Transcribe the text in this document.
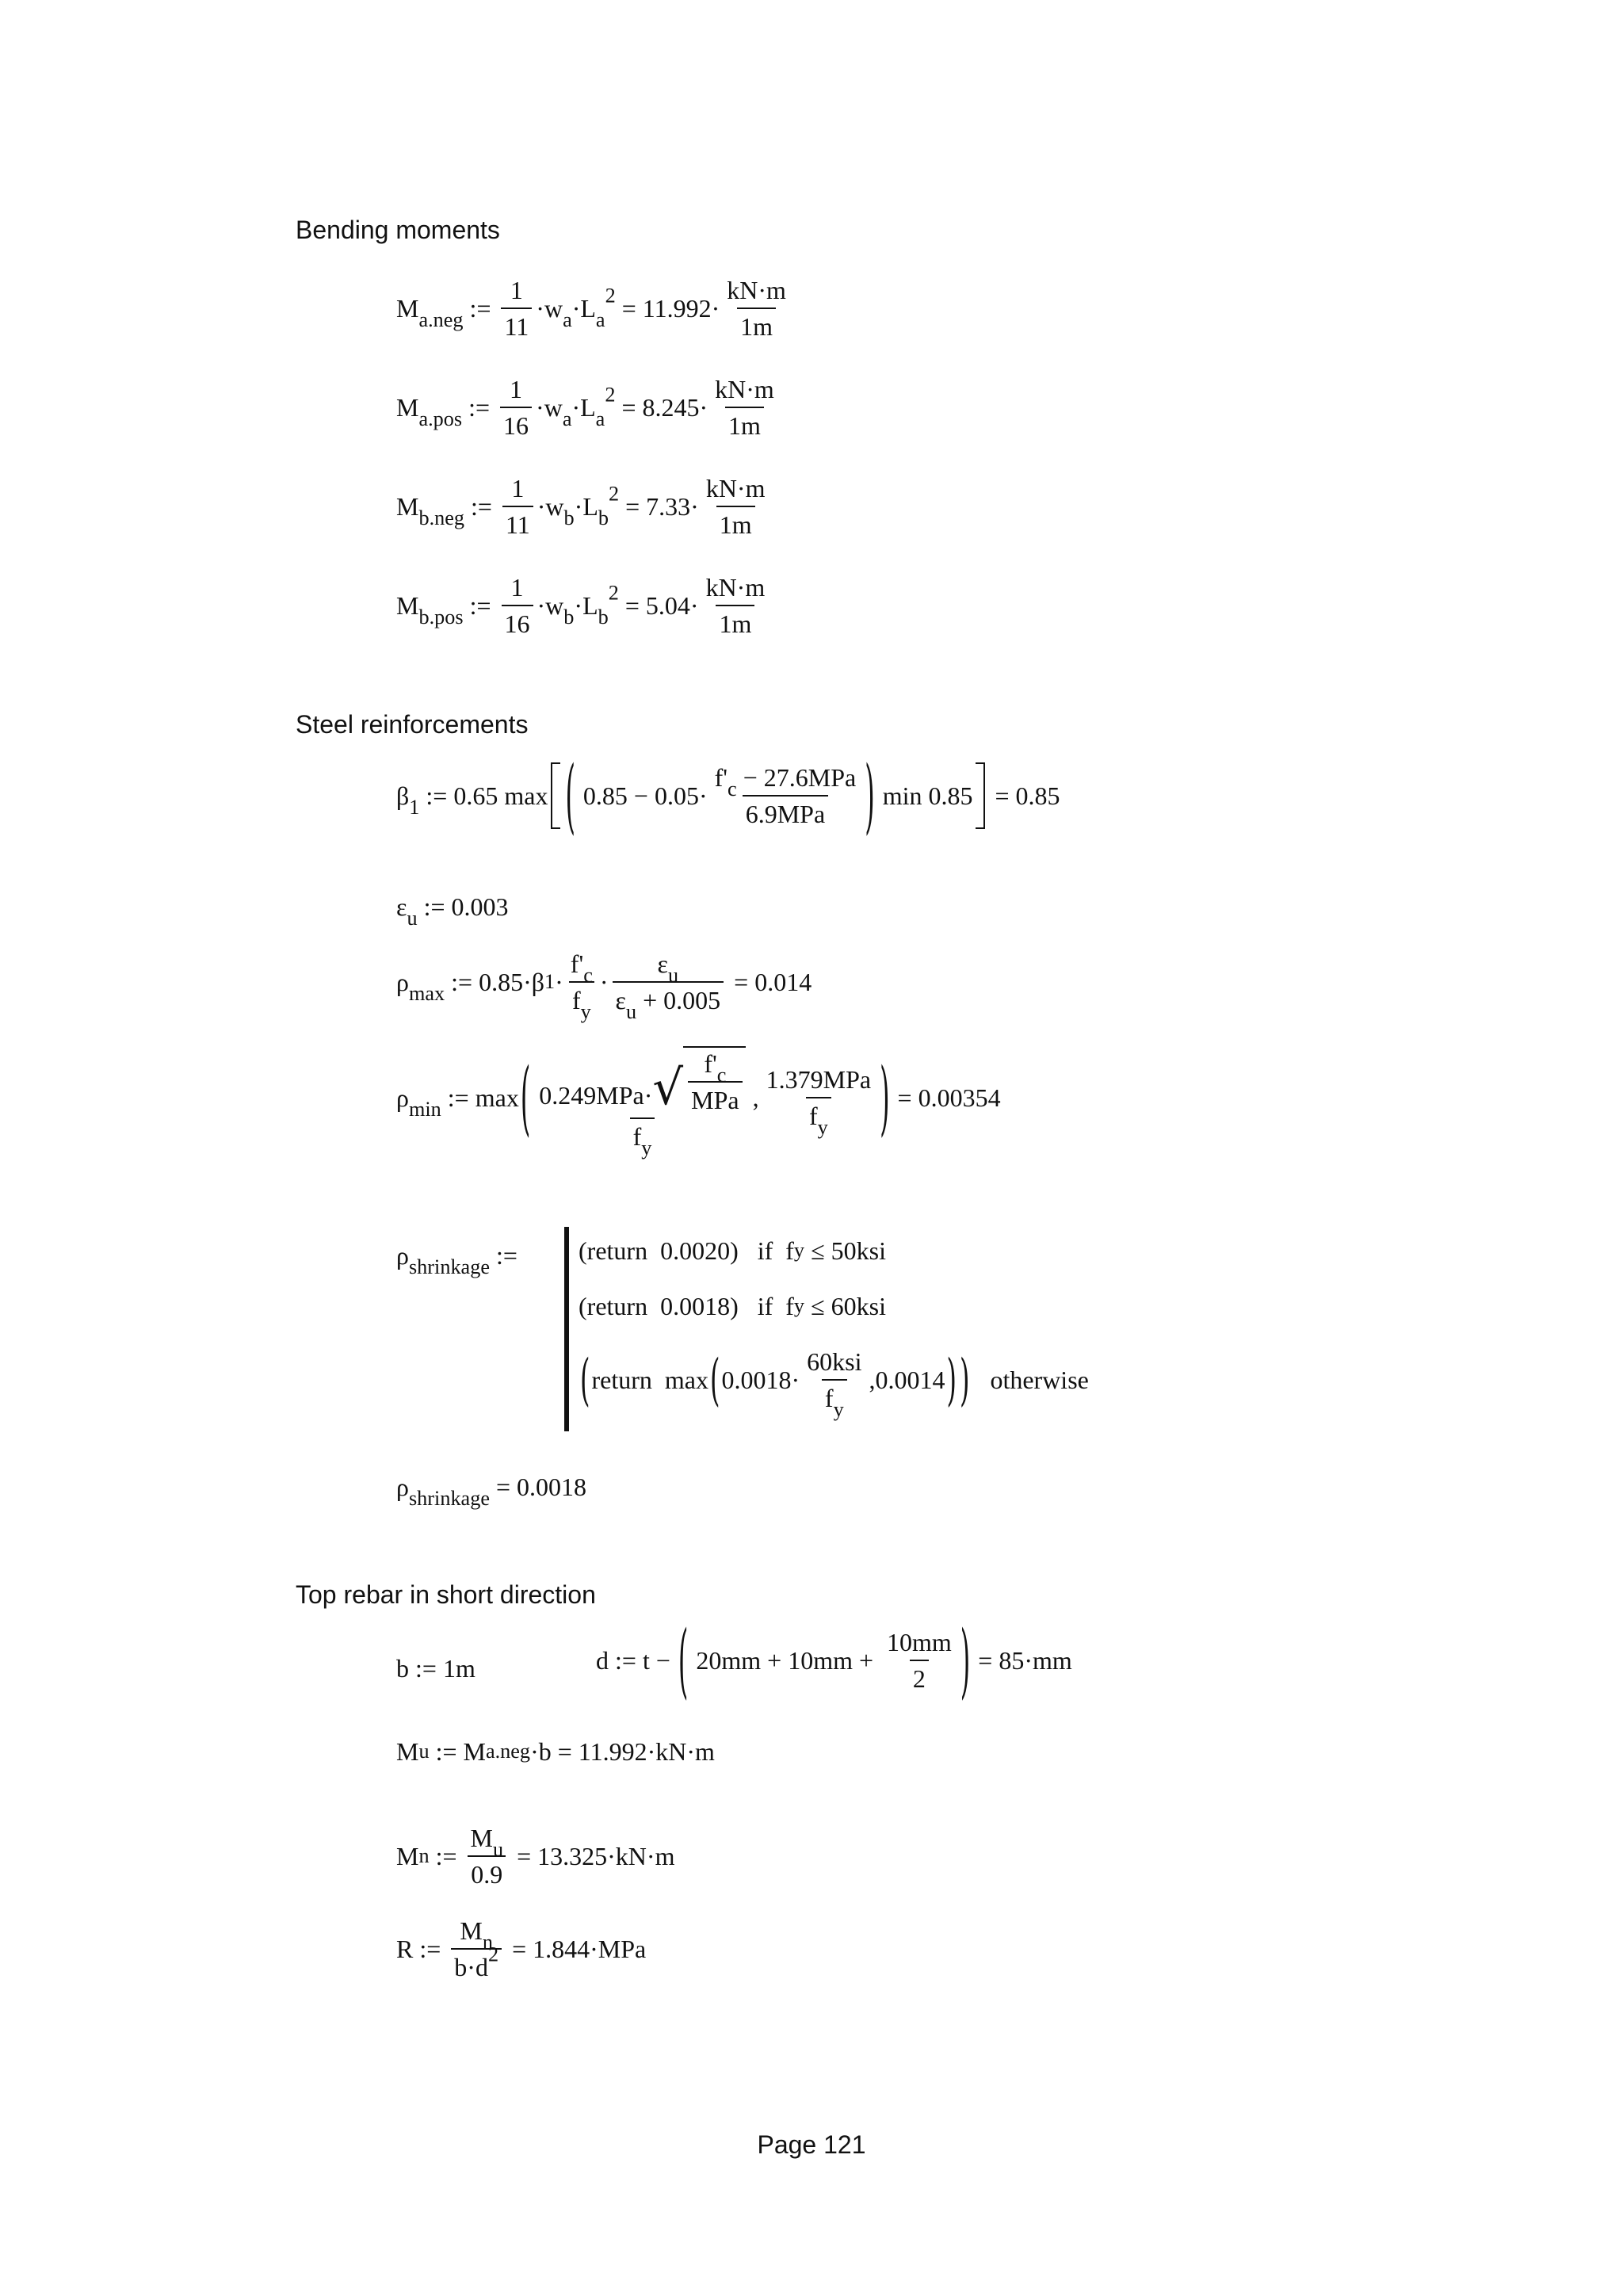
Bending moments
$M_{a.neg}$ := $\frac{1}{11} \cdot w_a\cdot L_a^2 = 11.992 \cdot \frac{kN\cdot m}{1m}$
$M_{a.pos}$ := $\frac{1}{16} \cdot w_a\cdot L_a^2 = 8.245 \cdot \frac{kN\cdot m}{1m}$
$M_{b.neg}$ := $\frac{1}{11} \cdot w_b\cdot L_b^2 = 7.33 \cdot \frac{kN\cdot m}{1m}$
$M_{b.pos}$ := $\frac{1}{16} \cdot w_b\cdot L_b^2 = 5.04 \cdot \frac{kN\cdot m}{1m}$
Steel reinforcements
$\beta_1$ := 0.65 max ( $0.85 - 0.05\cdot \frac{f'_c - 27.6MPa}{\text{6.9MPa}}$ ) min 0.85
= 0.85
$\varepsilon_u$ := 0.003
$\rho_{max}$ := 0.85·β $1 \cdot \frac{f'_c}{f_y} \cdot \frac{\varepsilon_u}{\varepsilon_u + 0.005} = 0.014$
$\rho_{min}$ := max ( $\frac{0.249MPa\cdot √ \frac{f'_c}{\text{MPa}}}{f_y}$ , $\frac{\text{1.379MPa}}{f_y}$ ) = 0.00354
$\rho_{shrinkage}$ := (return 0.0020 )   if  f y ≤ 50ksi
(return 0.0018 )   if  f y ≤ 60ksi
( return  max ( $0.0018 \cdot \frac{\text{60ksi}}{f_y}$ , 0.0014 ) ) otherwise
$\rho_{shrinkage} = 0.0018$
Top rebar in short direction
b := 1m	d := t − ( $20mm + 10mm + \frac{10mm}{2}$ ) = 85 ·mm
M u := M a.neg ·b = 11.992 ·kN·m
M n := $\frac{M_u}{0.9} = 13.325 \cdot kN\cdot m$
R := $\frac{M_n}{b\cdot d^2} = 1.844 \cdot MPa$
Page 121
